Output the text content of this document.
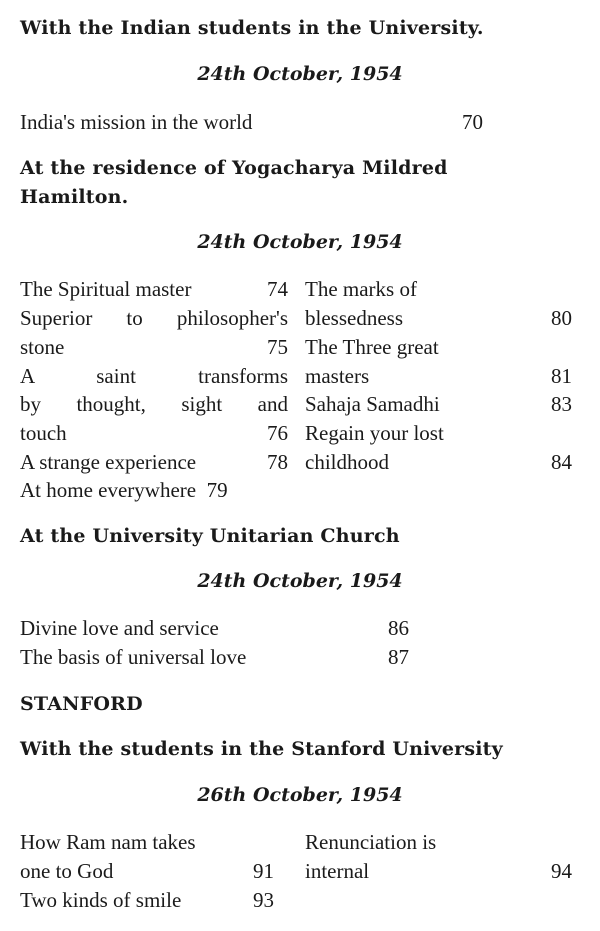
With the Indian students in the University.
24th October, 1954
India's mission in the world	70
At the residence of Yogacharya Mildred
Hamilton.
24th October, 1954
The Spiritual master	74
Superior to philosopher's
stone	75
A saint transforms
by thought, sight and
touch	76
A strange experience	78
At home everywhere 79
The marks of
blessedness	80
The Three great
masters	81
Sahaja Samadhi	83
Regain your lost
childhood	84
At the University Unitarian Church
24th October, 1954
Divine love and service	86
The basis of universal love	87
STANFORD
With the students in the Stanford University
26th October, 1954
How Ram nam takes
one to God	91
Two kinds of smile	93
Renunciation is
internal	94
